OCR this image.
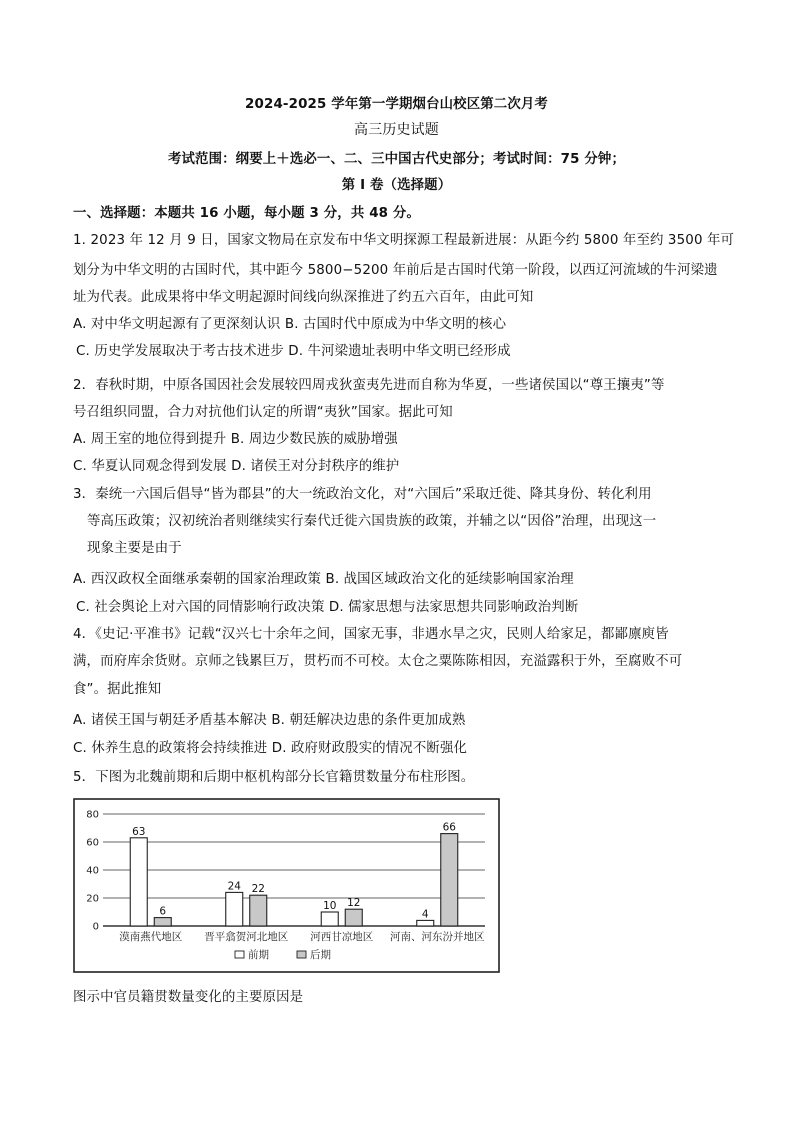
2024-2025 学年第一学期烟台山校区第二次月考
高三历史试题
考试范围：纲要上＋选必一、二、三中国古代史部分；考试时间：75 分钟；
第 I 卷（选择题）
一、选择题：本题共 16 小题，每小题 3 分，共 48 分。
1. 2023 年 12 月 9 日，国家文物局在京发布中华文明探源工程最新进展：从距今约 5800 年至约 3500 年可
划分为中华文明的古国时代，其中距今 5800−5200 年前后是古国时代第一阶段，以西辽河流域的牛河梁遗
址为代表。此成果将中华文明起源时间线向纵深推进了约五六百年，由此可知
A. 对中华文明起源有了更深刻认识 B. 古国时代中原成为中华文明的核心
C. 历史学发展取决于考古技术进步 D. 牛河梁遗址表明中华文明已经形成
2．春秋时期，中原各国因社会发展较四周戎狄蛮夷先进而自称为华夏，一些诸侯国以“尊王攘夷”等
号召组织同盟，合力对抗他们认定的所谓“夷狄”国家。据此可知
A. 周王室的地位得到提升 B. 周边少数民族的威胁增强
C. 华夏认同观念得到发展 D. 诸侯王对分封秩序的维护
3．秦统一六国后倡导“皆为郡县”的大一统政治文化，对“六国后”采取迁徙、降其身份、转化利用
等高压政策；汉初统治者则继续实行秦代迁徙六国贵族的政策，并辅之以“因俗”治理，出现这一
现象主要是由于
A. 西汉政权全面继承秦朝的国家治理政策 B. 战国区域政治文化的延续影响国家治理
C. 社会舆论上对六国的同情影响行政决策 D. 儒家思想与法家思想共同影响政治判断
4．《史记·平准书》记载“汉兴七十余年之间，国家无事，非遇水旱之灾，民则人给家足，都鄙廪庾皆
满，而府库余货财。京师之钱累巨万，贯朽而不可校。太仓之粟陈陈相因，充溢露积于外，至腐败不可
食”。据此推知
A. 诸侯王国与朝廷矛盾基本解决 B. 朝廷解决边患的条件更加成熟
C. 休养生息的政策将会持续推进 D. 政府财政殷实的情况不断强化
5．下图为北魏前期和后期中枢机构部分长官籍贯数量分布柱形图。
0
20
40
60
80
63
6
漠南燕代地区
24 22
晋平翕贺河北地区
10 12
河西甘凉地区
4
66
河南、河东汾并地区
前期	后期
图示中官员籍贯数量变化的主要原因是
